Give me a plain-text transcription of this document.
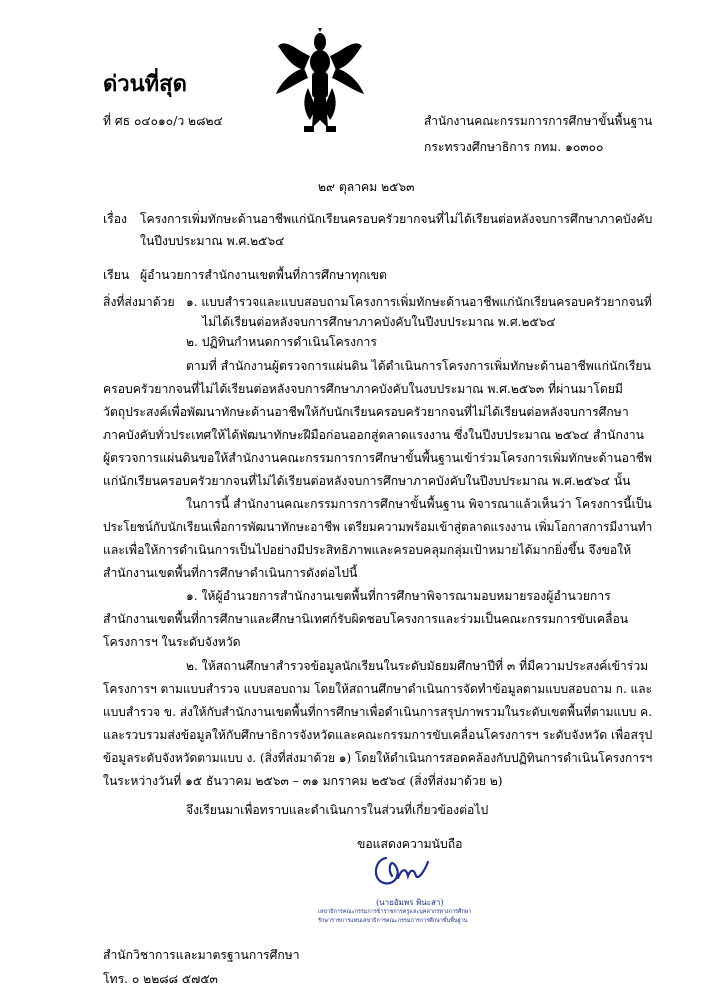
ด่วนที่สุด
ที่ ศธ ๐๔๐๑๐/ว ๒๘๒๔	สำนักงานคณะกรรมการการศึกษาขั้นพื้นฐาน
กระทรวงศึกษาธิการ กทม. ๑๐๓๐๐
๒๙ ตุลาคม ๒๕๖๓
เรื่อง โครงการเพิ่มทักษะด้านอาชีพแก่นักเรียนครอบครัวยากจนที่ไม่ได้เรียนต่อหลังจบการศึกษาภาคบังคับ
ในปีงบประมาณ พ.ศ.๒๕๖๔
เรียน ผู้อำนวยการสำนักงานเขตพื้นที่การศึกษาทุกเขต
สิ่งที่ส่งมาด้วย ๑. แบบสำรวจและแบบสอบถามโครงการเพิ่มทักษะด้านอาชีพแก่นักเรียนครอบครัวยากจนที่
ไม่ได้เรียนต่อหลังจบการศึกษาภาคบังคับในปีงบประมาณ พ.ศ.๒๕๖๔
๒. ปฏิทินกำหนดการดำเนินโครงการ
ตามที่ สำนักงานผู้ตรวจการแผ่นดิน ได้ดำเนินการโครงการเพิ่มทักษะด้านอาชีพแก่นักเรียน
ครอบครัวยากจนที่ไม่ได้เรียนต่อหลังจบการศึกษาภาคบังคับในงบประมาณ พ.ศ.๒๕๖๓ ที่ผ่านมาโดยมี
วัตถุประสงค์เพื่อพัฒนาทักษะด้านอาชีพให้กับนักเรียนครอบครัวยากจนที่ไม่ได้เรียนต่อหลังจบการศึกษา
ภาคบังคับทั่วประเทศให้ได้พัฒนาทักษะฝีมือก่อนออกสู่ตลาดแรงงาน ซึ่งในปีงบประมาณ ๒๕๖๔ สำนักงาน
ผู้ตรวจการแผ่นดินขอให้สำนักงานคณะกรรมการการศึกษาขั้นพื้นฐานเข้าร่วมโครงการเพิ่มทักษะด้านอาชีพ
แก่นักเรียนครอบครัวยากจนที่ไม่ได้เรียนต่อหลังจบการศึกษาภาคบังคับในปีงบประมาณ พ.ศ.๒๕๖๔ นั้น
ในการนี้ สำนักงานคณะกรรมการการศึกษาขั้นพื้นฐาน พิจารณาแล้วเห็นว่า โครงการนี้เป็น
ประโยชน์กับนักเรียนเพื่อการพัฒนาทักษะอาชีพ เตรียมความพร้อมเข้าสู่ตลาดแรงงาน เพิ่มโอกาสการมีงานทำ
และเพื่อให้การดำเนินการเป็นไปอย่างมีประสิทธิภาพและครอบคลุมกลุ่มเป้าหมายได้มากยิ่งขึ้น จึงขอให้
สำนักงานเขตพื้นที่การศึกษาดำเนินการดังต่อไปนี้
๑. ให้ผู้อำนวยการสำนักงานเขตพื้นที่การศึกษาพิจารณามอบหมายรองผู้อำนวยการ
สำนักงานเขตพื้นที่การศึกษาและศึกษานิเทศก์รับผิดชอบโครงการและร่วมเป็นคณะกรรมการขับเคลื่อน
โครงการฯ ในระดับจังหวัด
๒. ให้สถานศึกษาสำรวจข้อมูลนักเรียนในระดับมัธยมศึกษาปีที่ ๓ ที่มีความประสงค์เข้าร่วม
โครงการฯ ตามแบบสำรวจ แบบสอบถาม โดยให้สถานศึกษาดำเนินการจัดทำข้อมูลตามแบบสอบถาม ก. และ
แบบสำรวจ ข. ส่งให้กับสำนักงานเขตพื้นที่การศึกษาเพื่อดำเนินการสรุปภาพรวมในระดับเขตพื้นที่ตามแบบ ค.
และรวบรวมส่งข้อมูลให้กับศึกษาธิการจังหวัดและคณะกรรมการขับเคลื่อนโครงการฯ ระดับจังหวัด เพื่อสรุป
ข้อมูลระดับจังหวัดตามแบบ ง. (สิ่งที่ส่งมาด้วย ๑) โดยให้ดำเนินการสอดคล้องกับปฏิทินการดำเนินโครงการฯ
ในระหว่างวันที่ ๑๕ ธันวาคม ๒๕๖๓ – ๓๑ มกราคม ๒๕๖๔ (สิ่งที่ส่งมาด้วย ๒)
จึงเรียนมาเพื่อทราบและดำเนินการในส่วนที่เกี่ยวข้องต่อไป
ขอแสดงความนับถือ
(นายอัมพร พินะสา)
เลขาธิการคณะกรรมการข้าราชการครูและบุคลากรทางการศึกษา
รักษาราชการแทนเลขาธิการคณะกรรมการการศึกษาขั้นพื้นฐาน
สำนักวิชาการและมาตรฐานการศึกษา
โทร. ๐ ๒๒๘๘ ๕๗๕๓
